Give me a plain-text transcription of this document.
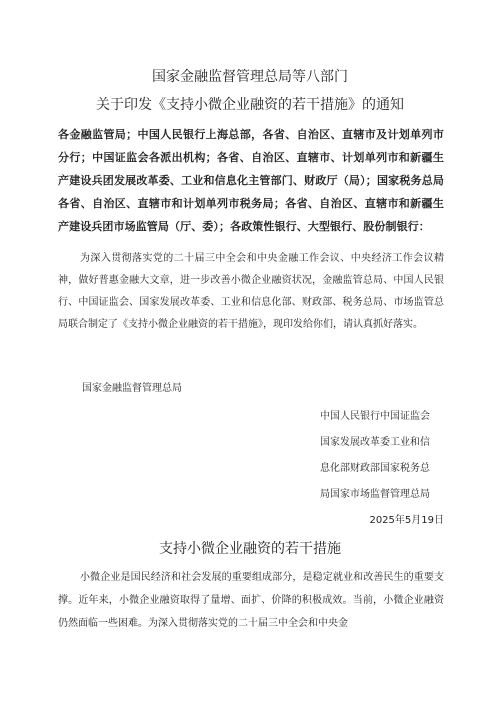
国家金融监督管理总局等八部门
关于印发《支持小微企业融资的若干措施》的通知
各金融监管局；中国人民银行上海总部，各省、自治区、直辖市及计划单列市分行；中国证监会各派出机构；各省、自治区、直辖市、计划单列市和新疆生产建设兵团发展改革委、工业和信息化主管部门、财政厅（局）；国家税务总局各省、自治区、直辖市和计划单列市税务局；各省、自治区、直辖市和新疆生产建设兵团市场监管局（厅、委）；各政策性银行、大型银行、股份制银行：
为深入贯彻落实党的二十届三中全会和中央金融工作会议、中央经济工作会议精神，做好普惠金融大文章，进一步改善小微企业融资状况，金融监管总局、中国人民银行、中国证监会、国家发展改革委、工业和信息化部、财政部、税务总局、市场监管总局联合制定了《支持小微企业融资的若干措施》，现印发给你们，请认真抓好落实。
国家金融监督管理总局
中国人民银行中国证监会
国家发展改革委工业和信
息化部财政部国家税务总
局国家市场监督管理总局
2025年5月19日
支持小微企业融资的若干措施
小微企业是国民经济和社会发展的重要组成部分，是稳定就业和改善民生的重要支撑。近年来，小微企业融资取得了量增、面扩、价降的积极成效。当前，小微企业融资仍然面临一些困难。为深入贯彻落实党的二十届三中全会和中央金
